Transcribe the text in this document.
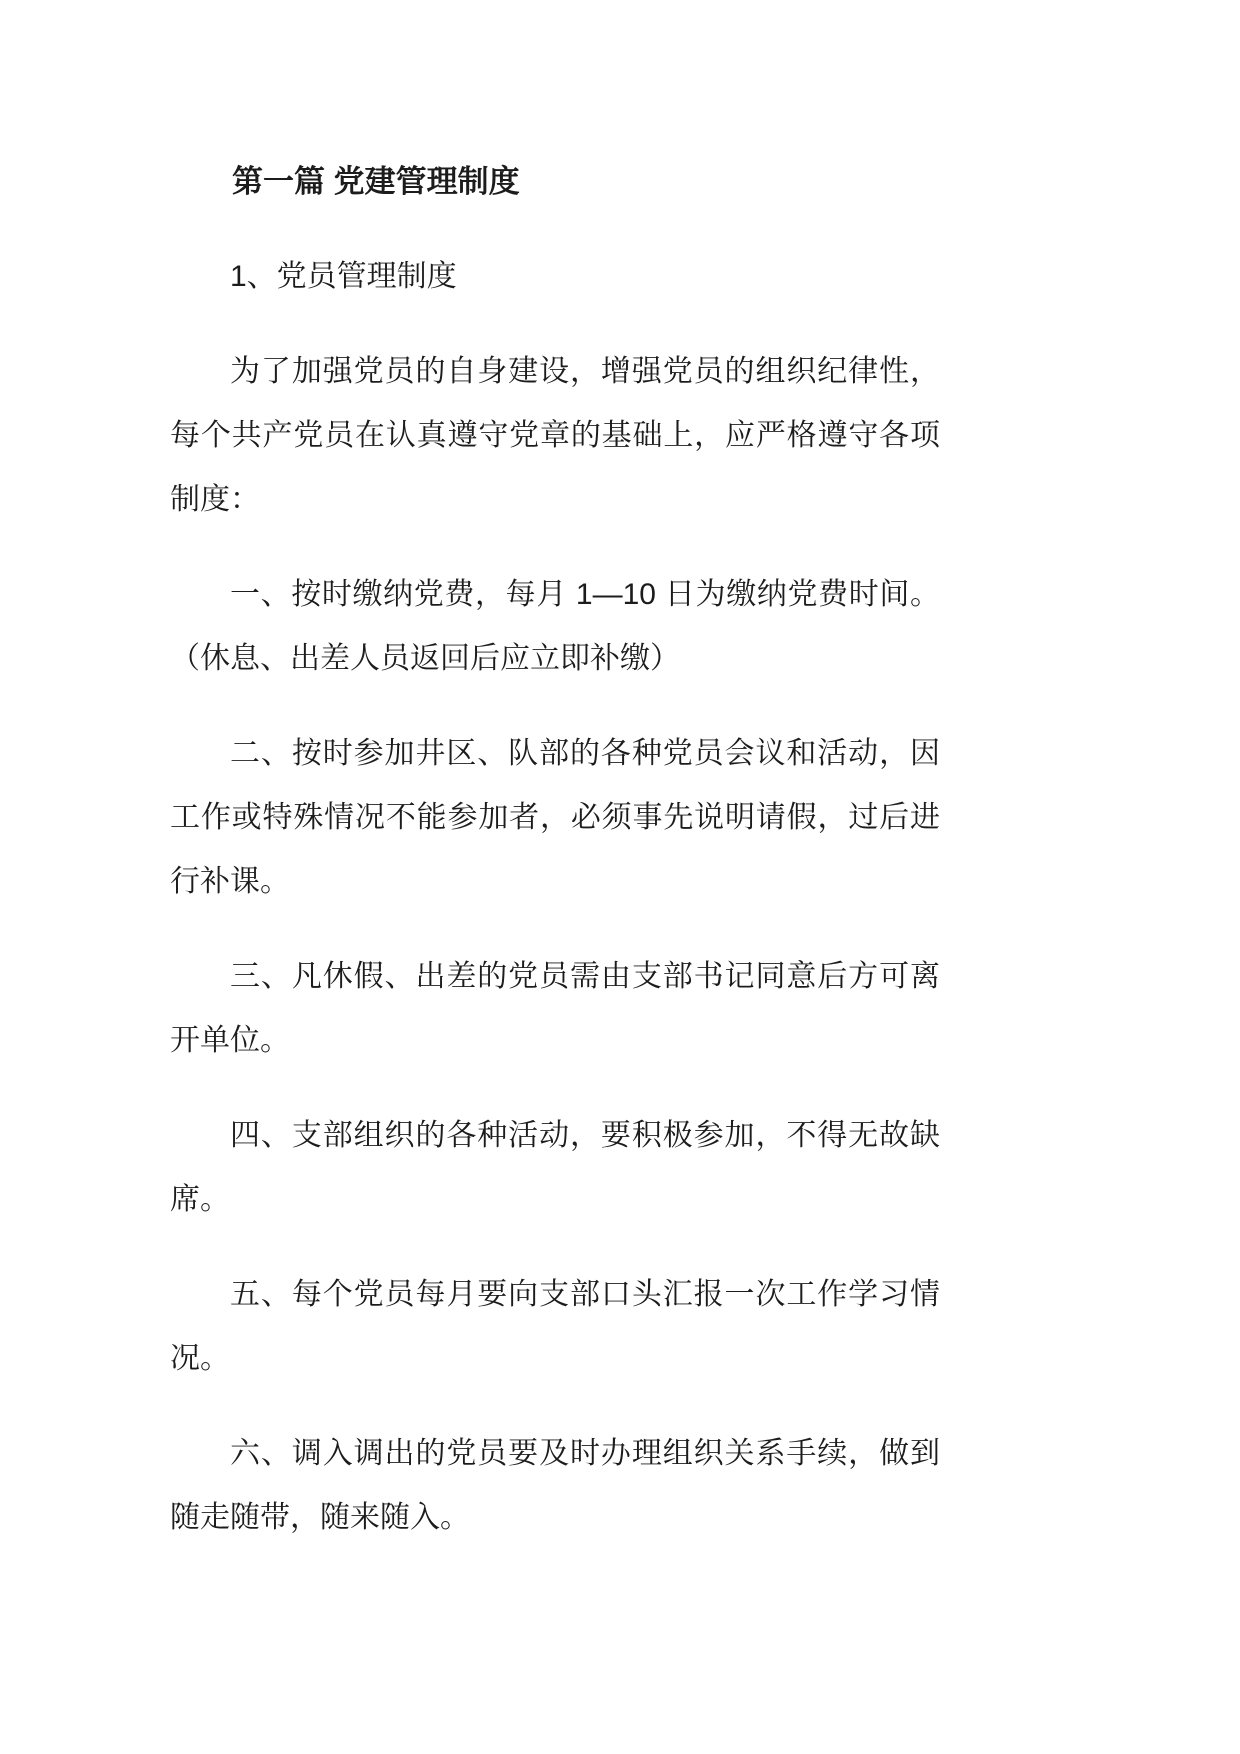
第一篇 党建管理制度

1、党员管理制度

为了加强党员的自身建设，增强党员的组织纪律性，每个共产党员在认真遵守党章的基础上，应严格遵守各项制度：

一、按时缴纳党费，每月 1—10 日为缴纳党费时间。（休息、出差人员返回后应立即补缴）

二、按时参加井区、队部的各种党员会议和活动，因工作或特殊情况不能参加者，必须事先说明请假，过后进行补课。

三、凡休假、出差的党员需由支部书记同意后方可离开单位。

四、支部组织的各种活动，要积极参加，不得无故缺席。

五、每个党员每月要向支部口头汇报一次工作学习情况。

六、调入调出的党员要及时办理组织关系手续，做到随走随带，随来随入。
